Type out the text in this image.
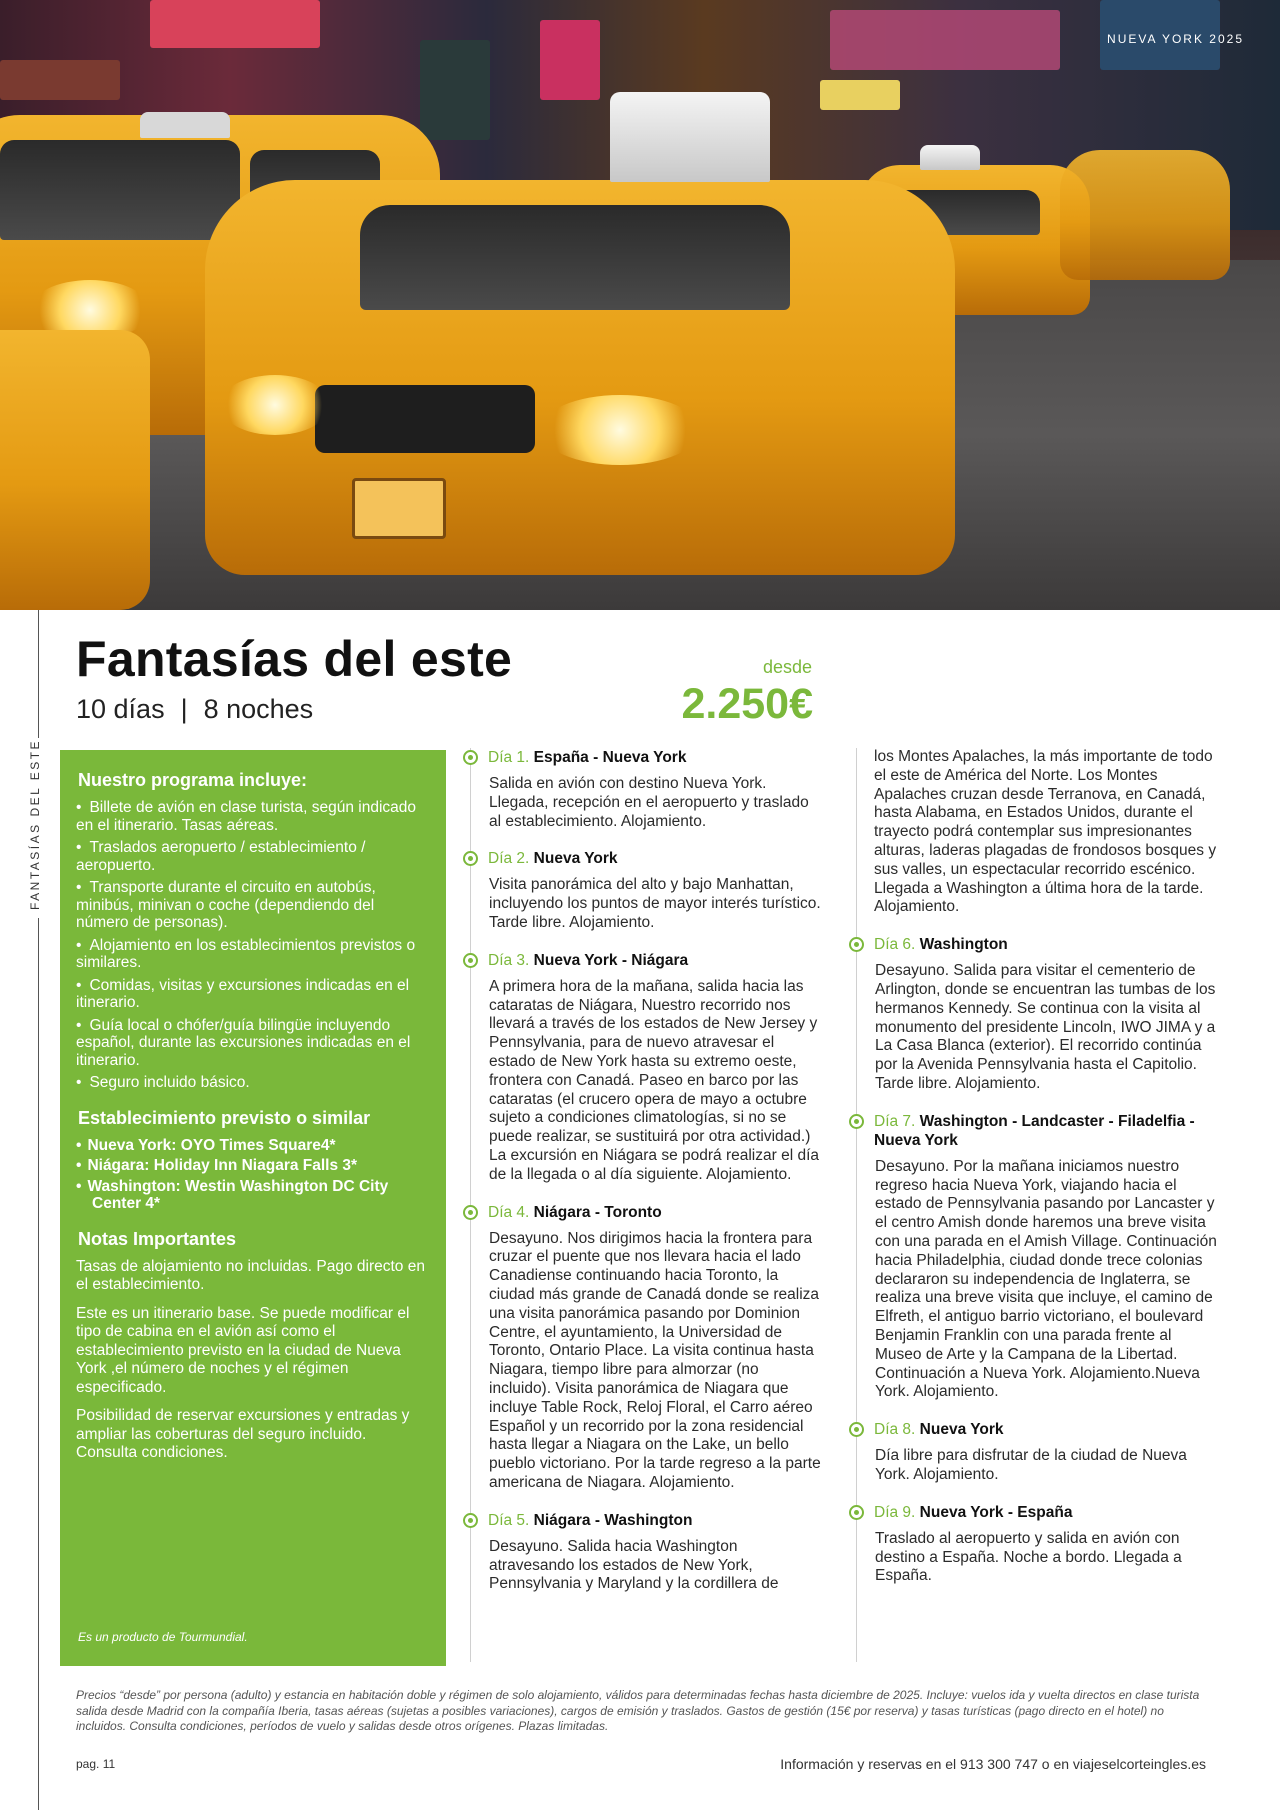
NUEVA YORK 2025
FANTASÍAS DEL ESTE
Fantasías del este
10 días | 8 noches
desde
2.250€
Nuestro programa incluye:
• Billete de avión en clase turista, según indicado en el itinerario. Tasas aéreas.
• Traslados aeropuerto / establecimiento / aeropuerto.
• Transporte durante el circuito en autobús, minibús, minivan o coche (dependiendo del número de personas).
• Alojamiento en los establecimientos previstos o similares.
• Comidas, visitas y excursiones indicadas en el itinerario.
• Guía local o chófer/guía bilingüe incluyendo español, durante las excursiones indicadas en el itinerario.
• Seguro incluido básico.
Establecimiento previsto o similar
• Nueva York: OYO Times Square4*
• Niágara: Holiday Inn Niagara Falls 3*
• Washington: Westin Washington DC City Center 4*
Notas Importantes

Tasas de alojamiento no incluidas. Pago directo en el establecimiento.

Este es un itinerario base. Se puede modificar el tipo de cabina en el avión así como el establecimiento previsto en la ciudad de Nueva York ,el número de noches y el régimen especificado.

Posibilidad de reservar excursiones y entradas y ampliar las coberturas del seguro incluido. Consulta condiciones.

Es un producto de Tourmundial.
Día 1. España - Nueva York

Salida en avión con destino Nueva York. Llegada, recepción en el aeropuerto y traslado al establecimiento. Alojamiento.

Día 2. Nueva York

Visita panorámica del alto y bajo Manhattan, incluyendo los puntos de mayor interés turístico. Tarde libre. Alojamiento.

Día 3. Nueva York - Niágara

A primera hora de la mañana, salida hacia las cataratas de Niágara, Nuestro recorrido nos llevará a través de los estados de New Jersey y Pennsylvania, para de nuevo atravesar el estado de New York hasta su extremo oeste, frontera con Canadá. Paseo en barco por las cataratas (el crucero opera de mayo a octubre sujeto a condiciones climatologías, si no se puede realizar, se sustituirá por otra actividad.) La excursión en Niágara se podrá realizar el día de la llegada o al día siguiente. Alojamiento.

Día 4. Niágara - Toronto

Desayuno. Nos dirigimos hacia la frontera para cruzar el puente que nos llevara hacia el lado Canadiense continuando hacia Toronto, la ciudad más grande de Canadá donde se realiza una visita panorámica pasando por Dominion Centre, el ayuntamiento, la Universidad de Toronto, Ontario Place. La visita continua hasta Niagara, tiempo libre para almorzar (no incluido). Visita panorámica de Niagara que incluye Table Rock, Reloj Floral, el Carro aéreo Español y un recorrido por la zona residencial hasta llegar a Niagara on the Lake, un bello pueblo victoriano. Por la tarde regreso a la parte americana de Niagara. Alojamiento.

Día 5. Niágara - Washington

Desayuno. Salida hacia Washington atravesando los estados de New York, Pennsylvania y Maryland y la cordillera de

los Montes Apalaches, la más importante de todo el este de América del Norte. Los Montes Apalaches cruzan desde Terranova, en Canadá, hasta Alabama, en Estados Unidos, durante el trayecto podrá contemplar sus impresionantes alturas, laderas plagadas de frondosos bosques y sus valles, un espectacular recorrido escénico. Llegada a Washington a última hora de la tarde. Alojamiento.

Día 6. Washington

Desayuno. Salida para visitar el cementerio de Arlington, donde se encuentran las tumbas de los hermanos Kennedy. Se continua con la visita al monumento del presidente Lincoln, IWO JIMA y a La Casa Blanca (exterior). El recorrido continúa por la Avenida Pennsylvania hasta el Capitolio. Tarde libre. Alojamiento.

Día 7. Washington - Landcaster - Filadelfia - Nueva York

Desayuno. Por la mañana iniciamos nuestro regreso hacia Nueva York, viajando hacia el estado de Pennsylvania pasando por Lancaster y el centro Amish donde haremos una breve visita con una parada en el Amish Village. Continuación hacia Philadelphia, ciudad donde trece colonias declararon su independencia de Inglaterra, se realiza una breve visita que incluye, el camino de Elfreth, el antiguo barrio victoriano, el boulevard Benjamin Franklin con una parada frente al Museo de Arte y la Campana de la Libertad. Continuación a Nueva York. Alojamiento.Nueva York. Alojamiento.

Día 8. Nueva York

Día libre para disfrutar de la ciudad de Nueva York. Alojamiento.

Día 9. Nueva York - España

Traslado al aeropuerto y salida en avión con destino a España. Noche a bordo. Llegada a España.

Precios “desde” por persona (adulto) y estancia en habitación doble y régimen de solo alojamiento, válidos para determinadas fechas hasta diciembre de 2025. Incluye: vuelos ida y vuelta directos en clase turista salida desde Madrid con la compañía Iberia, tasas aéreas (sujetas a posibles variaciones), cargos de emisión y traslados. Gastos de gestión (15€ por reserva) y tasas turísticas (pago directo en el hotel) no incluidos. Consulta condiciones, períodos de vuelo y salidas desde otros orígenes. Plazas limitadas.

pag. 11	Información y reservas en el 913 300 747 o en viajeselcorteingles.es
